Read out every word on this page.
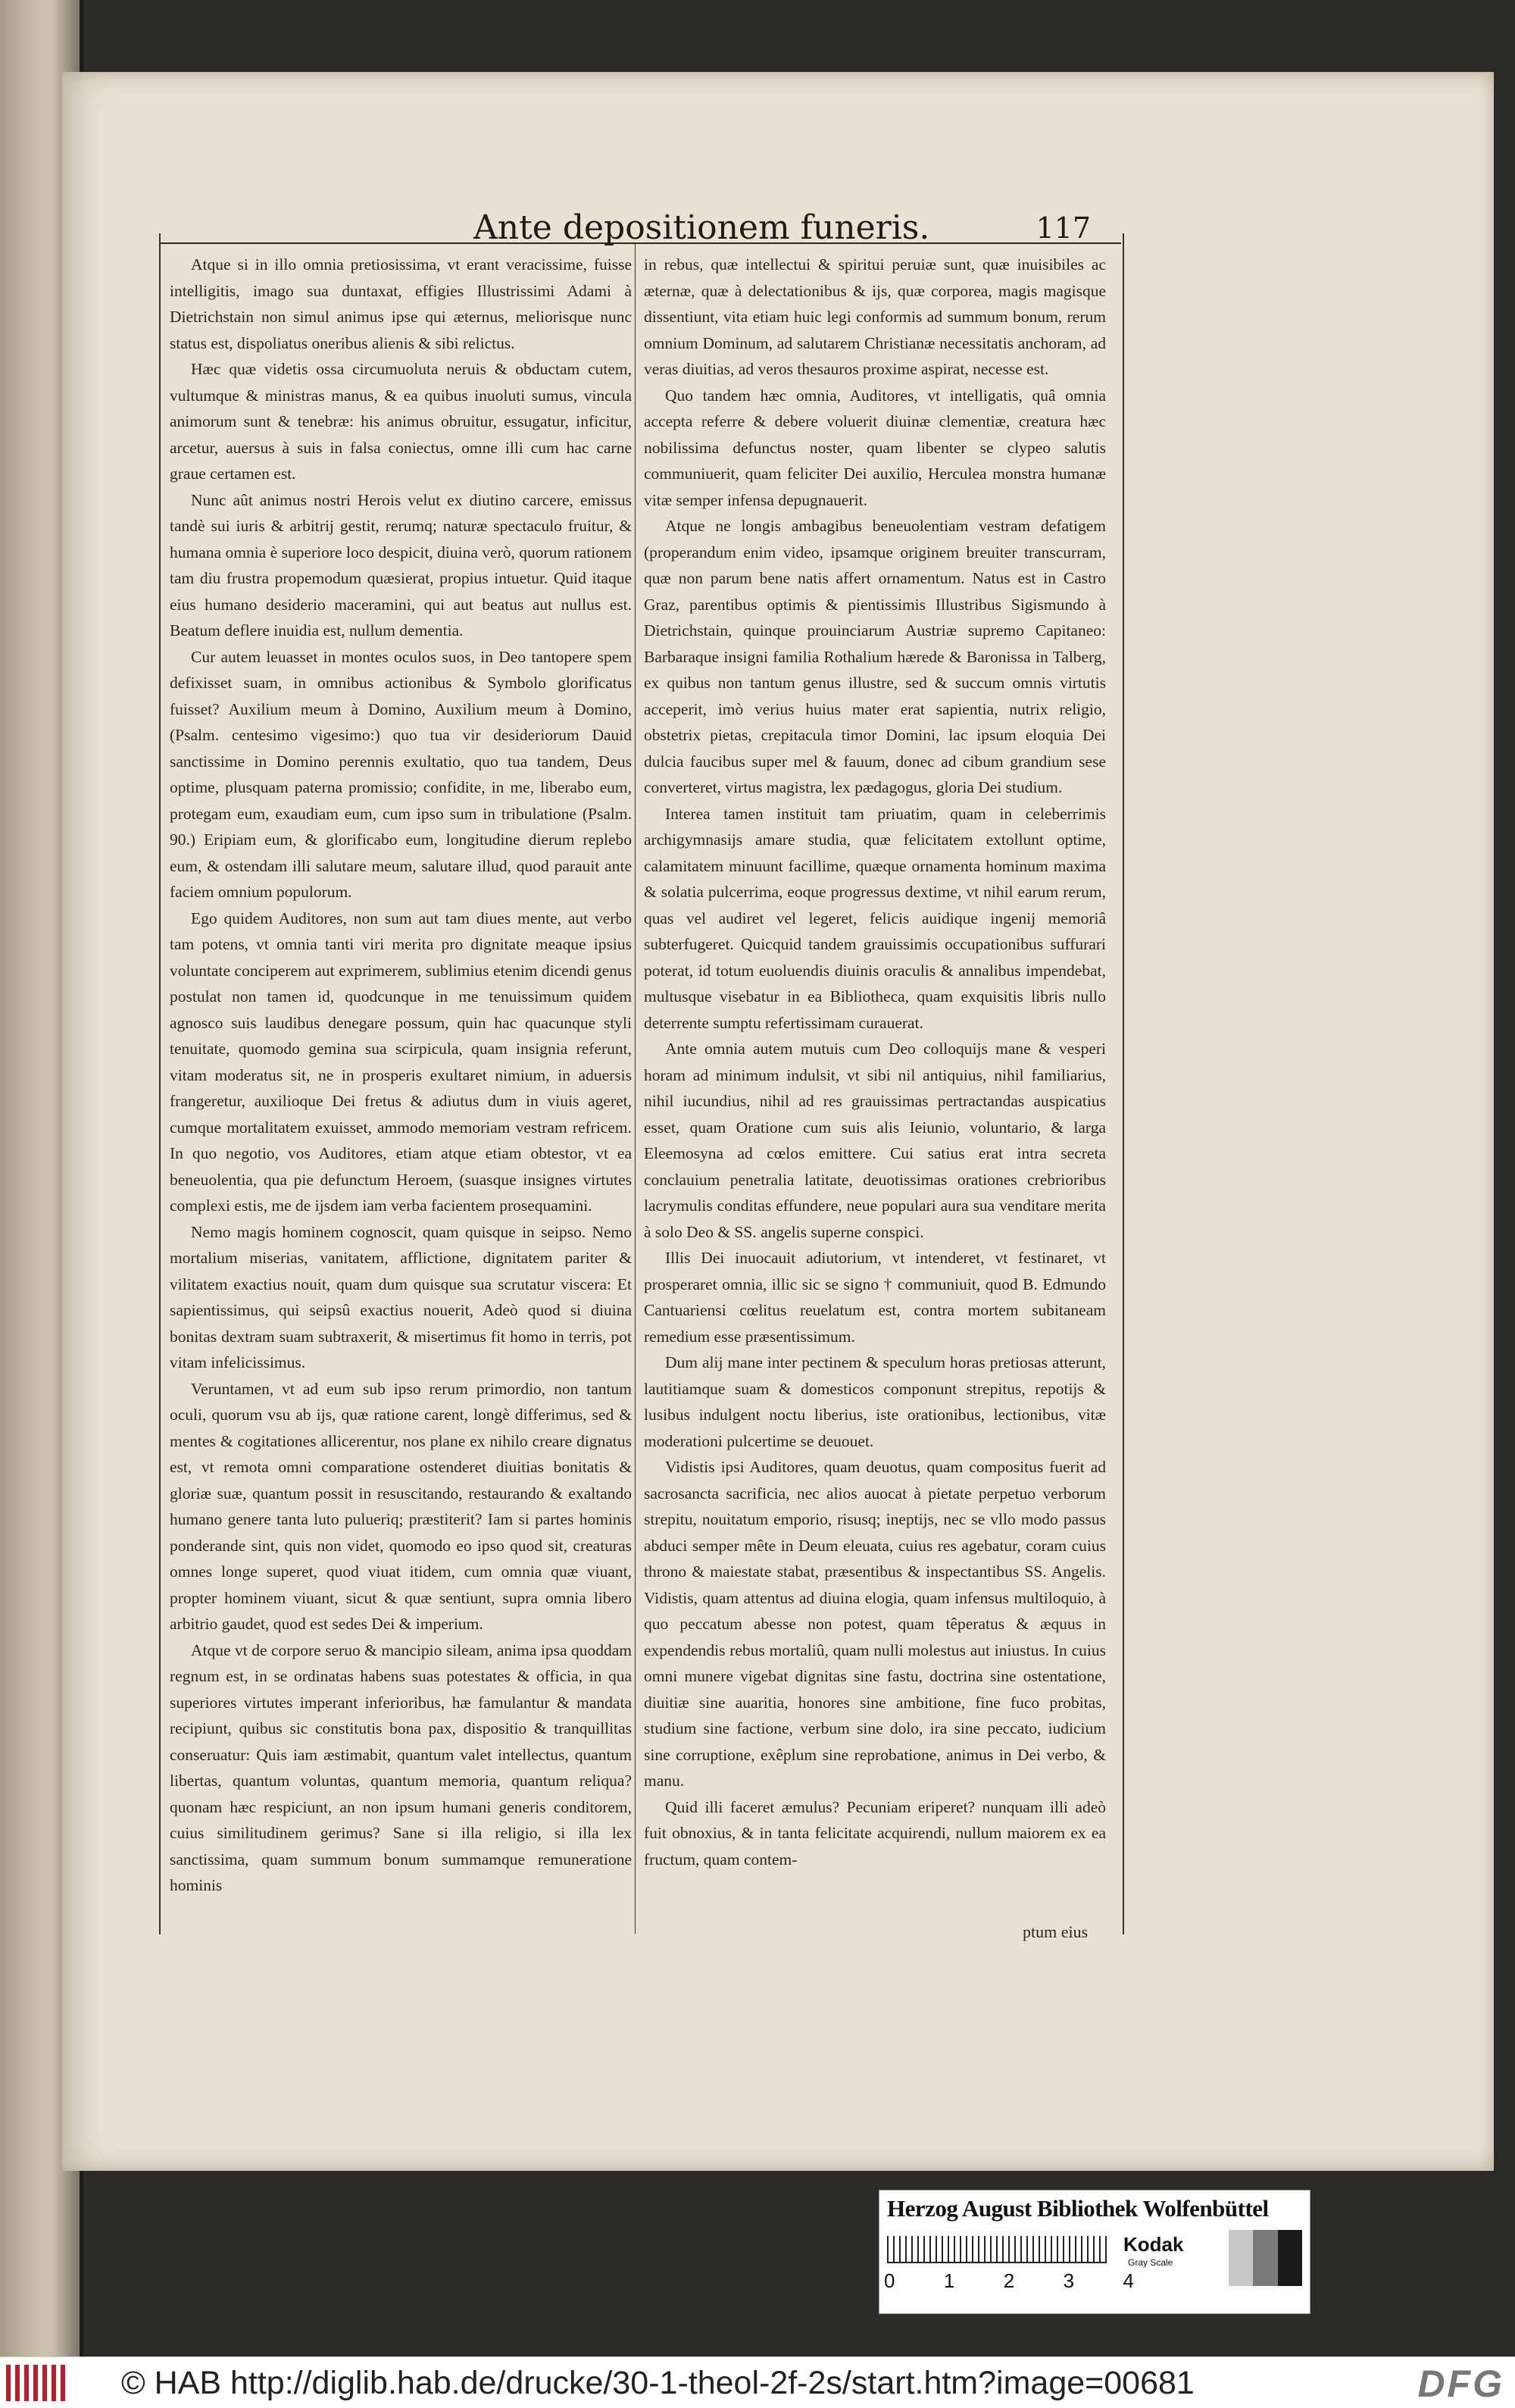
Ante depositionem funeris.	117

Atque si in illo omnia pretiosissima, vt erant veracissime, fuisse intelligitis, imago sua duntaxat, effigies Illustrissimi Adami à Dietrichstain non simul animus ipse qui æternus, meliorisque nunc status est, dispoliatus oneribus alienis & sibi relictus.

Hæc quæ videtis ossa circumuoluta neruis & obductam cutem, vultumque & ministras manus, & ea quibus inuoluti sumus, vincula animorum sunt & tenebræ: his animus obruitur, essugatur, inficitur, arcetur, auersus à suis in falsa coniectus, omne illi cum hac carne graue certamen est.

Nunc aût animus nostri Herois velut ex diutino carcere, emissus tandè sui iuris & arbitrij gestit, rerumq; naturæ spectaculo fruitur, & humana omnia è superiore loco despicit, diuina verò, quorum rationem tam diu frustra propemodum quæsierat, propius intuetur. Quid itaque eius humano desiderio maceramini, qui aut beatus aut nullus est. Beatum deflere inuidia est, nullum dementia.

Cur autem leuasset in montes oculos suos, in Deo tantopere spem defixisset suam, in omnibus actionibus & Symbolo glorificatus fuisset? Auxilium meum à Domino, Auxilium meum à Domino, (Psalm. centesimo vigesimo:) quo tua vir desideriorum Dauid sanctissime in Domino perennis exultatio, quo tua tandem, Deus optime, plusquam paterna promissio; confidite, in me, liberabo eum, protegam eum, exaudiam eum, cum ipso sum in tribulatione (Psalm. 90.) Eripiam eum, & glorificabo eum, longitudine dierum replebo eum, & ostendam illi salutare meum, salutare illud, quod parauit ante faciem omnium populorum.

Ego quidem Auditores, non sum aut tam diues mente, aut verbo tam potens, vt omnia tanti viri merita pro dignitate meaque ipsius voluntate conciperem aut exprimerem, sublimius etenim dicendi genus postulat non tamen id, quodcunque in me tenuissimum quidem agnosco suis laudibus denegare possum, quin hac quacunque styli tenuitate, quomodo gemina sua scirpicula, quam insignia referunt, vitam moderatus sit, ne in prosperis exultaret nimium, in aduersis frangeretur, auxilioque Dei fretus & adiutus dum in viuis ageret, cumque mortalitatem exuisset, ammodo memoriam vestram refricem. In quo negotio, vos Auditores, etiam atque etiam obtestor, vt ea beneuolentia, qua pie defunctum Heroem, (suasque insignes virtutes complexi estis, me de ijsdem iam verba facientem prosequamini.

Nemo magis hominem cognoscit, quam quisque in seipso. Nemo mortalium miserias, vanitatem, afflictione, dignitatem pariter & vilitatem exactius nouit, quam dum quisque sua scrutatur viscera: Et sapientissimus, qui seipsû exactius nouerit, Adeò quod si diuina bonitas dextram suam subtraxerit, & misertimus fit homo in terris, pot vitam infelicissimus.

Veruntamen, vt ad eum sub ipso rerum primordio, non tantum oculi, quorum vsu ab ijs, quæ ratione carent, longè differimus, sed & mentes & cogitationes allicerentur, nos plane ex nihilo creare dignatus est, vt remota omni comparatione ostenderet diuitias bonitatis & gloriæ suæ, quantum possit in resuscitando, restaurando & exaltando humano genere tanta luto pulueriq; præstiterit? Iam si partes hominis ponderande sint, quis non videt, quomodo eo ipso quod sit, creaturas omnes longe superet, quod viuat itidem, cum omnia quæ viuant, propter hominem viuant, sicut & quæ sentiunt, supra omnia libero arbitrio gaudet, quod est sedes Dei & imperium.

Atque vt de corpore seruo & mancipio sileam, anima ipsa quoddam regnum est, in se ordinatas habens suas potestates & officia, in qua superiores virtutes imperant inferioribus, hæ famulantur & mandata recipiunt, quibus sic constitutis bona pax, dispositio & tranquillitas conseruatur: Quis iam æstimabit, quantum valet intellectus, quantum libertas, quantum voluntas, quantum memoria, quantum reliqua? quonam hæc respiciunt, an non ipsum humani generis conditorem, cuius similitudinem gerimus? Sane si illa religio, si illa lex sanctissima, quam summum bonum summamque remuneratione hominis

in rebus, quæ intellectui & spiritui peruiæ sunt, quæ inuisibiles ac æternæ, quæ à delectationibus & ijs, quæ corporea, magis magisque dissentiunt, vita etiam huic legi conformis ad summum bonum, rerum omnium Dominum, ad salutarem Christianæ necessitatis anchoram, ad veras diuitias, ad veros thesauros proxime aspirat, necesse est.

Quo tandem hæc omnia, Auditores, vt intelligatis, quâ omnia accepta referre & debere voluerit diuinæ clementiæ, creatura hæc nobilissima defunctus noster, quam libenter se clypeo salutis communiuerit, quam feliciter Dei auxilio, Herculea monstra humanæ vitæ semper infensa depugnauerit.

Atque ne longis ambagibus beneuolentiam vestram defatigem (properandum enim video, ipsamque originem breuiter transcurram, quæ non parum bene natis affert ornamentum. Natus est in Castro Graz, parentibus optimis & pientissimis Illustribus Sigismundo à Dietrichstain, quinque prouinciarum Austriæ supremo Capitaneo: Barbaraque insigni familia Rothalium hærede & Baronissa in Talberg, ex quibus non tantum genus illustre, sed & succum omnis virtutis acceperit, imò verius huius mater erat sapientia, nutrix religio, obstetrix pietas, crepitacula timor Domini, lac ipsum eloquia Dei dulcia faucibus super mel & fauum, donec ad cibum grandium sese converteret, virtus magistra, lex pædagogus, gloria Dei studium.

Interea tamen instituit tam priuatim, quam in celeberrimis archigymnasijs amare studia, quæ felicitatem extollunt optime, calamitatem minuunt facillime, quæque ornamenta hominum maxima & solatia pulcerrima, eoque progressus dextime, vt nihil earum rerum, quas vel audiret vel legeret, felicis auidique ingenij memoriâ subterfugeret. Quicquid tandem grauissimis occupationibus suffurari poterat, id totum euoluendis diuinis oraculis & annalibus impendebat, multusque visebatur in ea Bibliotheca, quam exquisitis libris nullo deterrente sumptu refertissimam curauerat.

Ante omnia autem mutuis cum Deo colloquijs mane & vesperi horam ad minimum indulsit, vt sibi nil antiquius, nihil familiarius, nihil iucundius, nihil ad res grauissimas pertractandas auspicatius esset, quam Oratione cum suis alis Ieiunio, voluntario, & larga Eleemosyna ad cœlos emittere. Cui satius erat intra secreta conclauium penetralia latitate, deuotissimas orationes crebrioribus lacrymulis conditas effundere, neue populari aura sua venditare merita à solo Deo & SS. angelis superne conspici.

Illis Dei inuocauit adiutorium, vt intenderet, vt festinaret, vt prosperaret omnia, illic sic se signo † communiuit, quod B. Edmundo Cantuariensi cœlitus reuelatum est, contra mortem subitaneam remedium esse præsentissimum.

Dum alij mane inter pectinem & speculum horas pretiosas atterunt, lautitiamque suam & domesticos componunt strepitus, repotijs & lusibus indulgent noctu liberius, iste orationibus, lectionibus, vitæ moderationi pulcertime se deuouet.

Vidistis ipsi Auditores, quam deuotus, quam compositus fuerit ad sacrosancta sacrificia, nec alios auocat à pietate perpetuo verborum strepitu, nouitatum emporio, risusq; ineptijs, nec se vllo modo passus abduci semper mête in Deum eleuata, cuius res agebatur, coram cuius throno & maiestate stabat, præsentibus & inspectantibus SS. Angelis. Vidistis, quam attentus ad diuina elogia, quam infensus multiloquio, à quo peccatum abesse non potest, quam têperatus & æquus in expendendis rebus mortaliû, quam nulli molestus aut iniustus. In cuius omni munere vigebat dignitas sine fastu, doctrina sine ostentatione, diuitiæ sine auaritia, honores sine ambitione, fine fuco probitas, studium sine factione, verbum sine dolo, ira sine peccato, iudicium sine corruptione, exêplum sine reprobatione, animus in Dei verbo, & manu.

Quid illi faceret æmulus? Pecuniam eriperet? nunquam illi adeò fuit obnoxius, & in tanta felicitate acquirendi, nullum maiorem ex ea fructum, quam contem-

ptum eius
Herzog August Bibliothek Wolfenbüttel
0 1 2 3 4
Kodak
Gray Scale
© HAB http://diglib.hab.de/drucke/30-1-theol-2f-2s/start.htm?image=00681	DFG
